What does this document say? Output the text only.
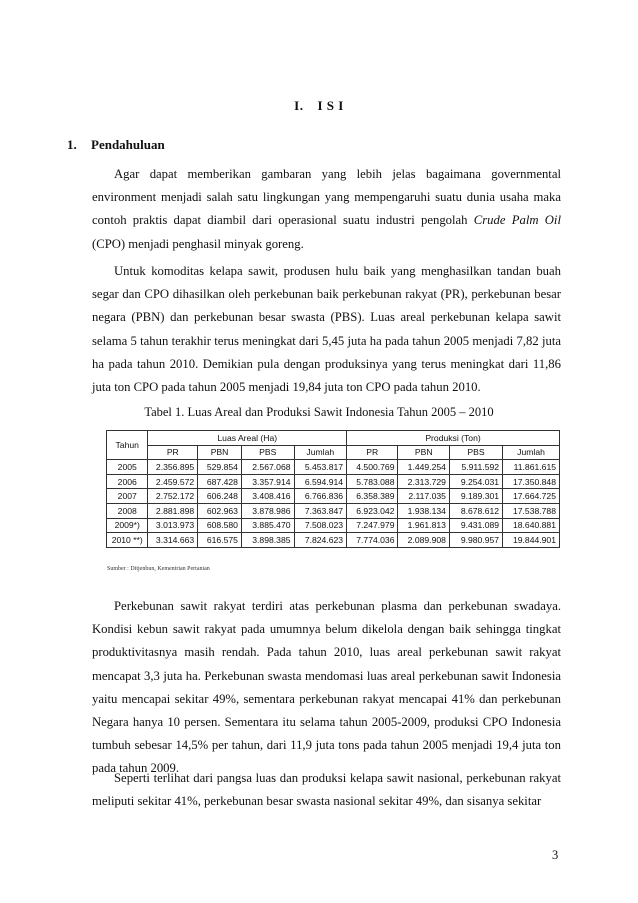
I. I S I
1. Pendahuluan

Agar dapat memberikan gambaran yang lebih jelas bagaimana governmental environment menjadi salah satu lingkungan yang mempengaruhi suatu dunia usaha maka contoh praktis dapat diambil dari operasional suatu industri pengolah Crude Palm Oil (CPO) menjadi penghasil minyak goreng.

Untuk komoditas kelapa sawit, produsen hulu baik yang menghasilkan tandan buah segar dan CPO dihasilkan oleh perkebunan baik perkebunan rakyat (PR), perkebunan besar negara (PBN) dan perkebunan besar swasta (PBS). Luas areal perkebunan kelapa sawit selama 5 tahun terakhir terus meningkat dari 5,45 juta ha pada tahun 2005 menjadi 7,82 juta ha pada tahun 2010. Demikian pula dengan produksinya yang terus meningkat dari 11,86 juta ton CPO pada tahun 2005 menjadi 19,84 juta ton CPO pada tahun 2010.

Tabel 1. Luas Areal dan Produksi Sawit Indonesia Tahun 2005 – 2010
Tahun	Luas Areal (Ha)				Produksi (Ton)			
	PR	PBN	PBS	Jumlah	PR	PBN	PBS	Jumlah
2005	2.356.895	529.854	2.567.068	5.453.817	4.500.769	1.449.254	5.911.592	11.861.615
2006	2.459.572	687.428	3.357.914	6.594.914	5.783.088	2.313.729	9.254.031	17.350.848
2007	2.752.172	606.248	3.408.416	6.766.836	6.358.389	2.117.035	9.189.301	17.664.725
2008	2.881.898	602.963	3.878.986	7.363.847	6.923.042	1.938.134	8.678.612	17.538.788
2009*)	3.013.973	608.580	3.885.470	7.508.023	7.247.979	1.961.813	9.431.089	18.640.881
2010 **)	3.314.663	616.575	3.898.385	7.824.623	7.774.036	2.089.908	9.980.957	19.844.901
Sumber : Ditjenbun, Kementrian Pertanian

Perkebunan sawit rakyat terdiri atas perkebunan plasma dan perkebunan swadaya. Kondisi kebun sawit rakyat pada umumnya belum dikelola dengan baik sehingga tingkat produktivitasnya masih rendah. Pada tahun 2010, luas areal perkebunan sawit rakyat mencapat 3,3 juta ha. Perkebunan swasta mendomasi luas areal perkebunan sawit Indonesia yaitu mencapai sekitar 49%, sementara perkebunan rakyat mencapai 41% dan perkebunan Negara hanya 10 persen. Sementara itu selama tahun 2005-2009, produksi CPO Indonesia tumbuh sebesar 14,5% per tahun, dari 11,9 juta tons pada tahun 2005 menjadi 19,4 juta ton pada tahun 2009.

Seperti terlihat dari pangsa luas dan produksi kelapa sawit nasional, perkebunan rakyat meliputi sekitar 41%, perkebunan besar swasta nasional sekitar 49%, dan sisanya sekitar

3
